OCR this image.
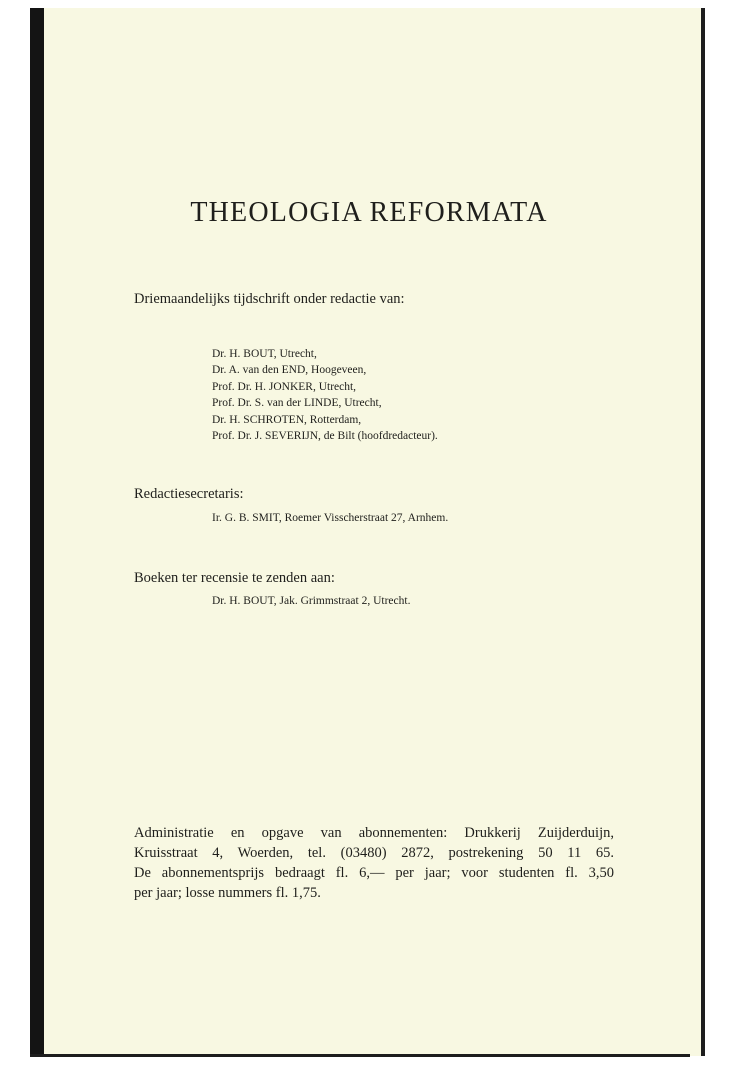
THEOLOGIA REFORMATA

Driemaandelijks tijdschrift onder redactie van:

Dr. H. BOUT, Utrecht,
Dr. A. van den END, Hoogeveen,
Prof. Dr. H. JONKER, Utrecht,
Prof. Dr. S. van der LINDE, Utrecht,
Dr. H. SCHROTEN, Rotterdam,
Prof. Dr. J. SEVERIJN, de Bilt (hoofdredacteur).

Redactiesecretaris:

Ir. G. B. SMIT, Roemer Visscherstraat 27, Arnhem.

Boeken ter recensie te zenden aan:

Dr. H. BOUT, Jak. Grimmstraat 2, Utrecht.

Administratie en opgave van abonnementen: Drukkerij Zuijderduijn,

Kruisstraat 4, Woerden, tel. (03480) 2872, postrekening 50 11 65.

De abonnementsprijs bedraagt fl. 6,— per jaar; voor studenten fl. 3,50

per jaar; losse nummers fl. 1,75.
